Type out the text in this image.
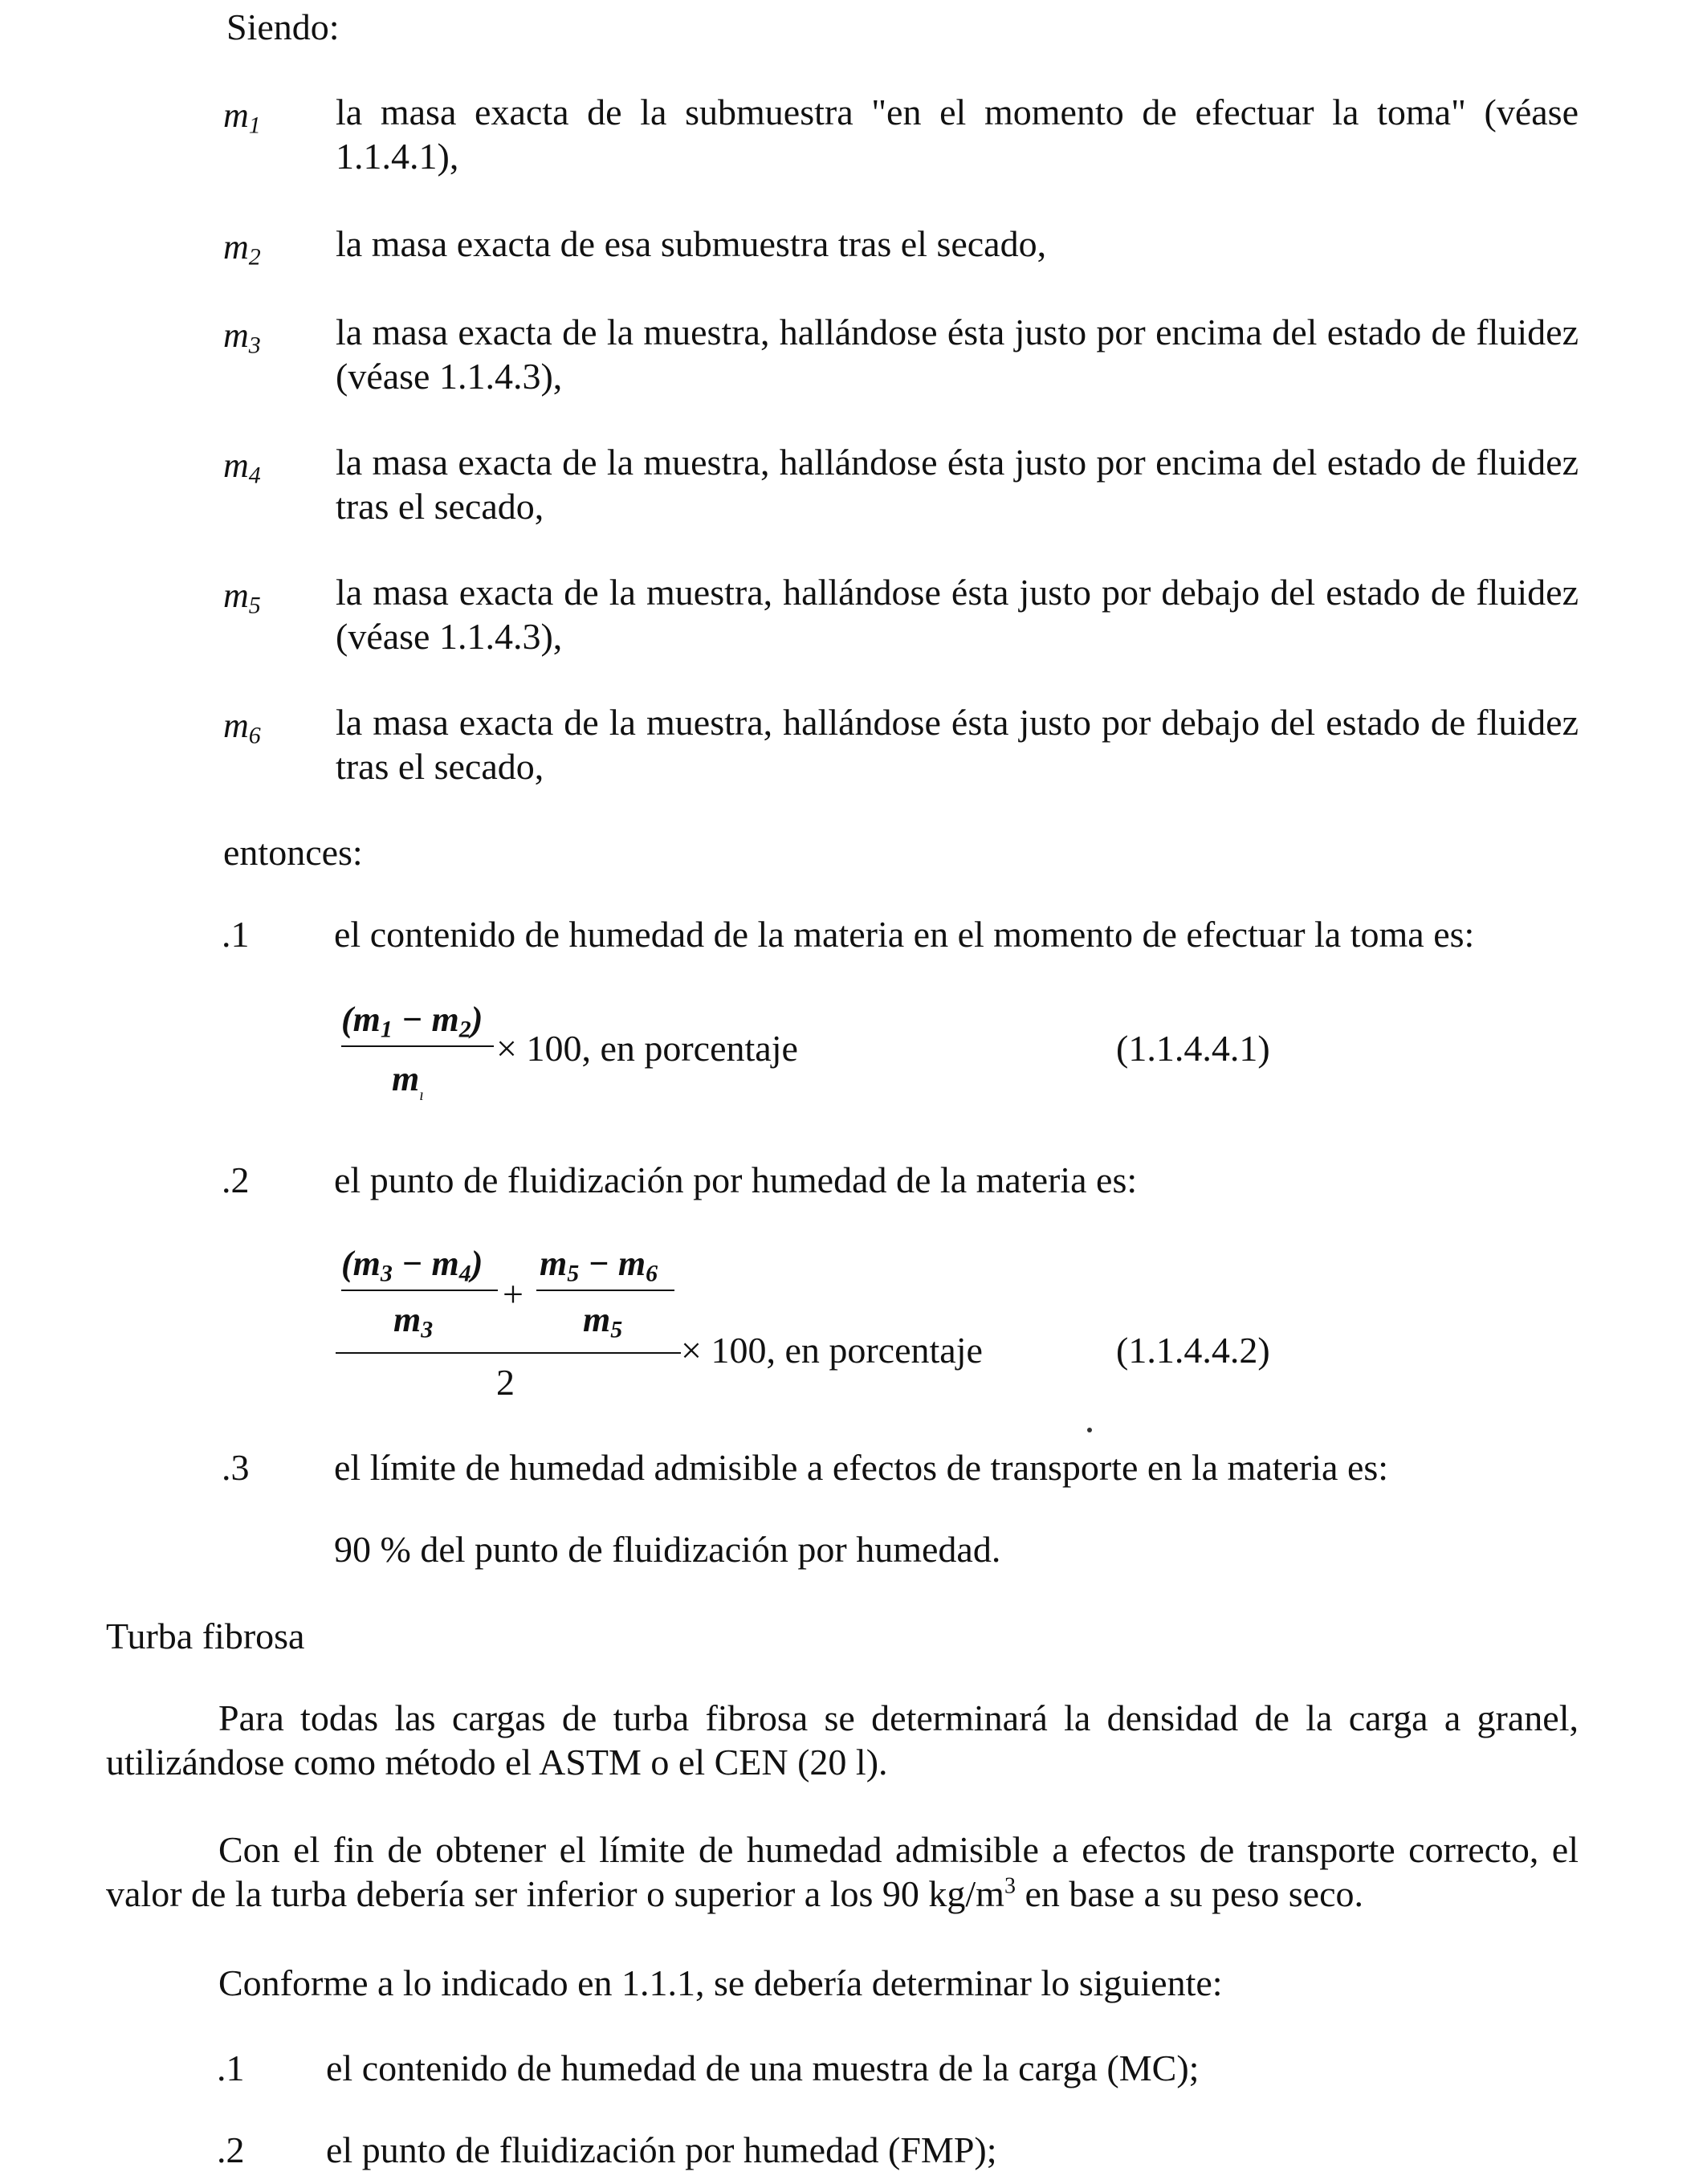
Siendo:
$m_1$ la masa exacta de la submuestra "en el momento de efectuar la toma" (véase 1.1.4.1),
$m_2$ la masa exacta de esa submuestra tras el secado,
$m_3$ la masa exacta de la muestra, hallándose ésta justo por encima del estado de fluidez (véase 1.1.4.3),
$m_4$ la masa exacta de la muestra, hallándose ésta justo por encima del estado de fluidez tras el secado,
$m_5$ la masa exacta de la muestra, hallándose ésta justo por debajo del estado de fluidez (véase 1.1.4.3),
$m_6$ la masa exacta de la muestra, hallándose ésta justo por debajo del estado de fluidez tras el secado,
entonces:
.1 el contenido de humedad de la materia en el momento de efectuar la toma es:
$(m_1 - m_2)$
$m_ı$
× 100, en porcentaje	(1.1.4.4.1)
.2 el punto de fluidización por humedad de la materia es:
$(m_3 - m_4)$
$m_3$
+
$m_5 - m_6$
$m_5$
2
× 100, en porcentaje	(1.1.4.4.2)
.3 el límite de humedad admisible a efectos de transporte en la materia es:
90 % del punto de fluidización por humedad.
Turba fibrosa
Para todas las cargas de turba fibrosa se determinará la densidad de la carga a granel, utilizándose como método el ASTM o el CEN (20 l).
Con el fin de obtener el límite de humedad admisible a efectos de transporte correcto, el valor de la turba debería ser inferior o superior a los 90 $kg/m^3$ en base a su peso seco.
Conforme a lo indicado en 1.1.1, se debería determinar lo siguiente:
.1 el contenido de humedad de una muestra de la carga (MC);
.2 el punto de fluidización por humedad (FMP);
